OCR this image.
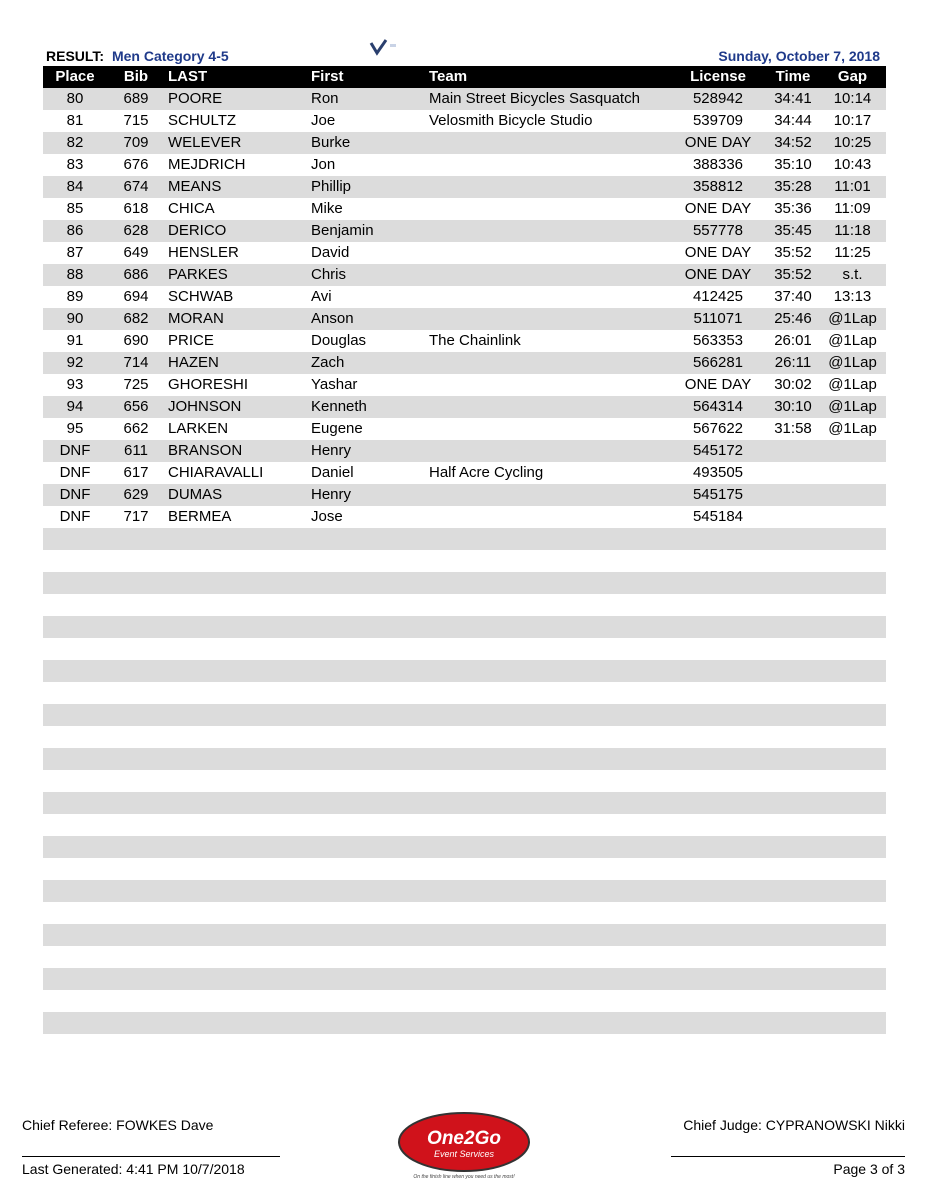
RESULT: Men Category 4-5	Sunday, October 7, 2018
Place	Bib	LAST	First	Team	License	Time	Gap
80	689	POORE	Ron	Main Street Bicycles Sasquatch	528942	34:41	10:14
81	715	SCHULTZ	Joe	Velosmith Bicycle Studio	539709	34:44	10:17
82	709	WELEVER	Burke		ONE DAY	34:52	10:25
83	676	MEJDRICH	Jon		388336	35:10	10:43
84	674	MEANS	Phillip		358812	35:28	11:01
85	618	CHICA	Mike		ONE DAY	35:36	11:09
86	628	DERICO	Benjamin		557778	35:45	11:18
87	649	HENSLER	David		ONE DAY	35:52	11:25
88	686	PARKES	Chris		ONE DAY	35:52	s.t.
89	694	SCHWAB	Avi		412425	37:40	13:13
90	682	MORAN	Anson		511071	25:46	@1Lap
91	690	PRICE	Douglas	The Chainlink	563353	26:01	@1Lap
92	714	HAZEN	Zach		566281	26:11	@1Lap
93	725	GHORESHI	Yashar		ONE DAY	30:02	@1Lap
94	656	JOHNSON	Kenneth		564314	30:10	@1Lap
95	662	LARKEN	Eugene		567622	31:58	@1Lap
DNF	611	BRANSON	Henry		545172		
DNF	617	CHIARAVALLI	Daniel	Half Acre Cycling	493505		
DNF	629	DUMAS	Henry		545175		
DNF	717	BERMEA	Jose		545184		

Chief Referee: FOWKES Dave	Chief Judge: CYPRANOWSKI Nikki
Last Generated: 4:41 PM 10/7/2018	Page 3 of 3
One2Go
Event Services
On the finish line when you need us the most!
